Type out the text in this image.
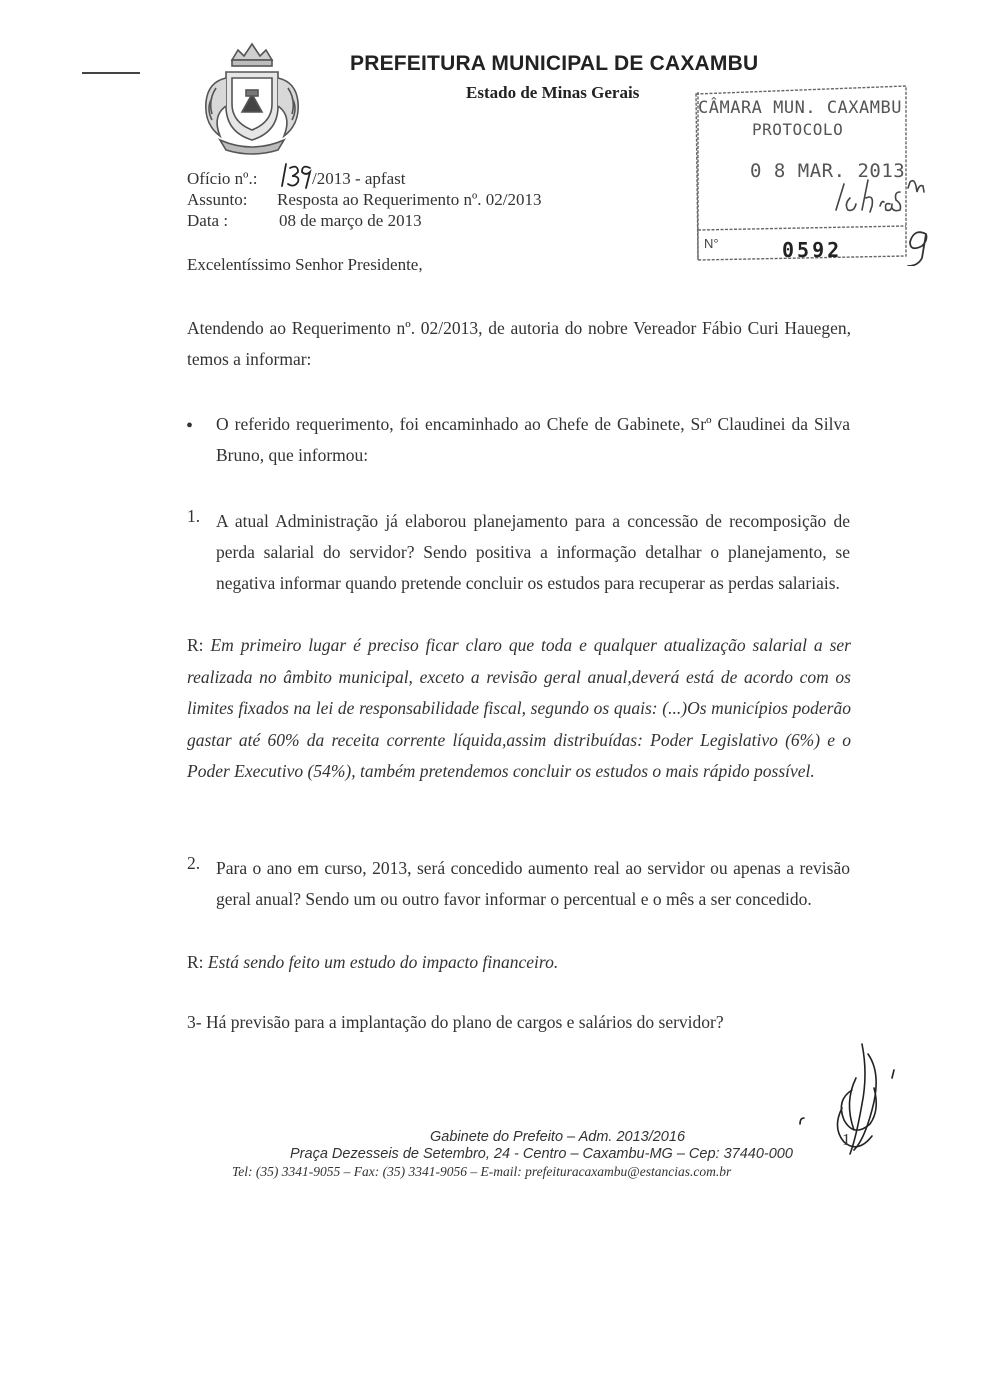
PREFEITURA MUNICIPAL DE CAXAMBU
Estado de Minas Gerais
CÂMARA MUN. CAXAMBU
PROTOCOLO
0 8 MAR. 2013
N°	0592
Ofício nº.:	/2013 - apfast
Assunto: Resposta ao Requerimento nº. 02/2013
Data :	08 de março de 2013
Excelentíssimo Senhor Presidente,
Atendendo ao Requerimento nº. 02/2013, de autoria do nobre Vereador Fábio Curi Hauegen, temos a informar:
• O referido requerimento, foi encaminhado ao Chefe de Gabinete, Srº Claudinei da Silva Bruno, que informou:
1. A atual Administração já elaborou planejamento para a concessão de recomposição de perda salarial do servidor? Sendo positiva a informação detalhar o planejamento, se negativa informar quando pretende concluir os estudos para recuperar as perdas salariais.
R: Em primeiro lugar é preciso ficar claro que toda e qualquer atualização salarial a ser realizada no âmbito municipal, exceto a revisão geral anual,deverá está de acordo com os limites fixados na lei de responsabilidade fiscal, segundo os quais: (...)Os municípios poderão gastar até 60% da receita corrente líquida,assim distribuídas: Poder Legislativo (6%) e o Poder Executivo (54%), também pretendemos concluir os estudos o mais rápido possível.
2. Para o ano em curso, 2013, será concedido aumento real ao servidor ou apenas a revisão geral anual? Sendo um ou outro favor informar o percentual e o mês a ser concedido.
R: Está sendo feito um estudo do impacto financeiro.
3- Há previsão para a implantação do plano de cargos e salários do servidor?
1
Gabinete do Prefeito – Adm. 2013/2016
Praça Dezesseis de Setembro, 24 - Centro – Caxambu-MG – Cep: 37440-000
Tel: (35) 3341-9055 – Fax: (35) 3341-9056 – E-mail: prefeituracaxambu@estancias.com.br
